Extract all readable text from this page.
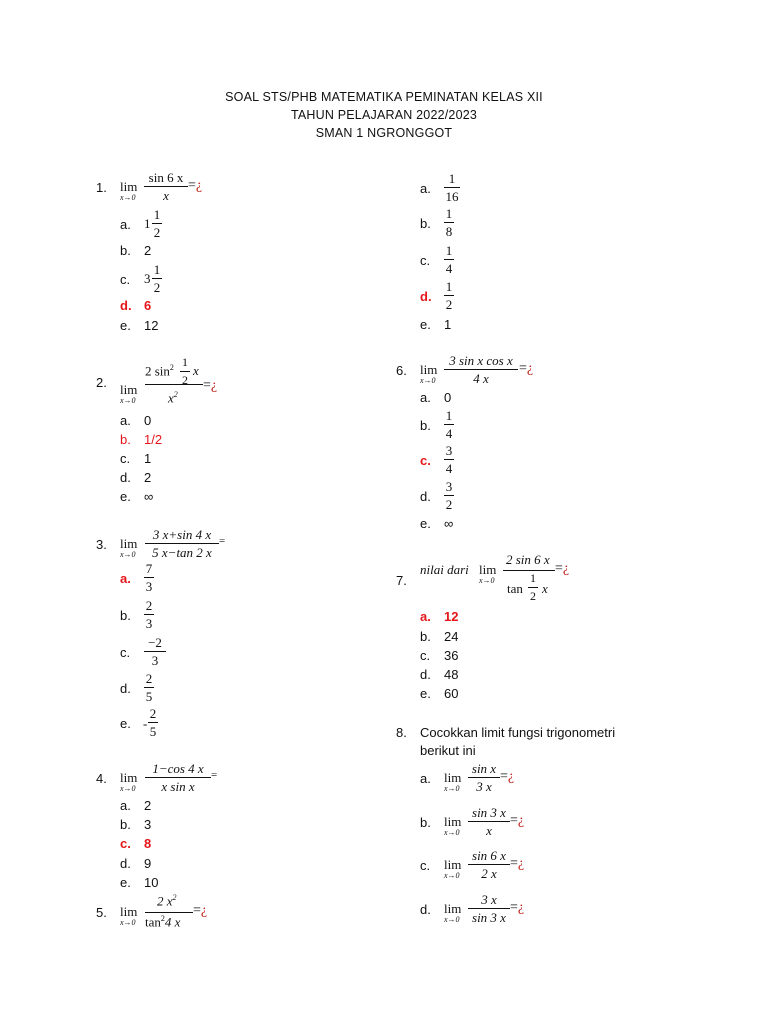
SOAL STS/PHB MATEMATIKA PEMINATAN KELAS XII
TAHUN PELAJARAN 2022/2023
SMAN 1 NGRONGGOT
1. lim
x→0
sin 6 x
x
=¿
a. 1
1
2
b. 2
c. 3
1
2
d. 6
e. 12
2. lim
x→0
2 $\sin^2 1$
2
x
$x^2$
=¿
a. 0
b. 1/2
c. 1
d. 2
e. ∞
3. lim
x→0
3 x+sin 4 x
5 x−tan 2 x
=
a.
7
3
b.
2
3
c.
−2
3
d.
2
5
e. -
2
5
4. lim
x→0
1−cos 4 x
x sin x
=
a. 2
b. 3
c. 8
d. 9
e. 10
5. lim
x→0
2 $x^2$
$\tan^24$ x
=¿
a.
1
16
b.
1
8
c.
1
4
d.
1
2
e. 1
6. lim
x→0
3 sin x cos x
4 x
=¿
a. 0
b.
1
4
c.
3
4
d.
3
2
e. ∞
7.
nilai dari lim
x→0
2 sin 6 x
tan
1
2 x
=¿
a. 12
b. 24
c. 36
d. 48
e. 60
8. Cocokkan limit fungsi trigonometri
berikut ini
a. lim
x→0
sin x
3 x
=¿
b. lim
x→0
sin 3 x
x
=¿
c. lim
x→0
sin 6 x
2 x
=¿
d. lim
x→0
3 x
sin 3 x
=¿
